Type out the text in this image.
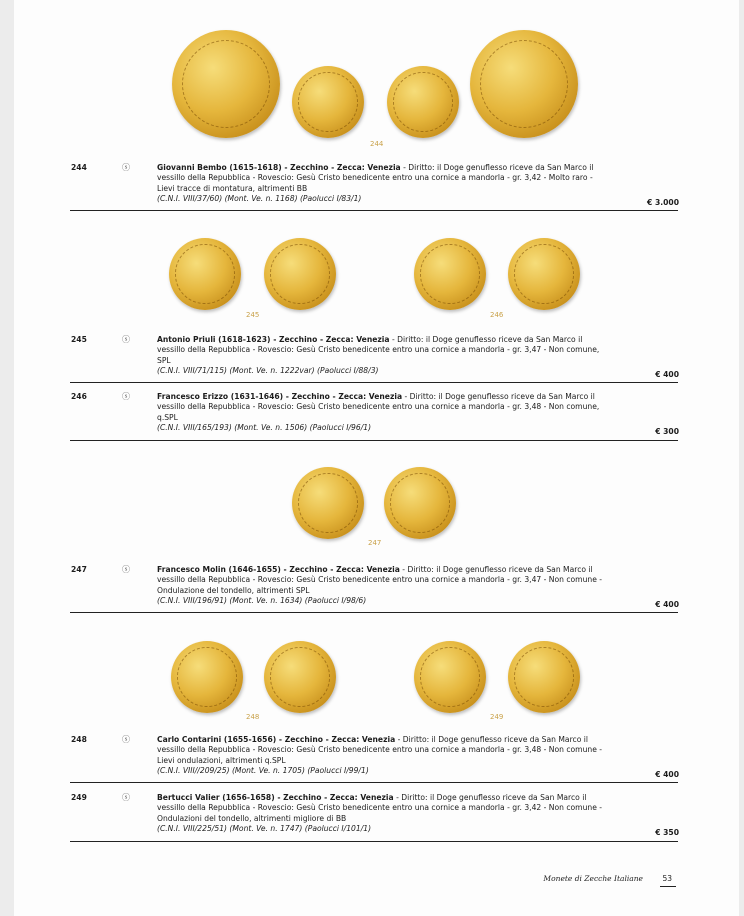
244
244	ⓢ	Giovanni Bembo (1615-1618) - Zecchino - Zecca: Venezia - Diritto: il Doge genuflesso riceve da San Marco il vessillo della Repubblica - Rovescio: Gesù Cristo benedicente entro una cornice a mandorla - gr. 3,42 - Molto raro - Lievi tracce di montatura, altrimenti BB
(C.N.I. VIII/37/60) (Mont. Ve. n. 1168) (Paolucci I/83/1)	€ 3.000
245	246
245	ⓢ	Antonio Priuli (1618-1623) - Zecchino - Zecca: Venezia - Diritto: il Doge genuflesso riceve da San Marco il vessillo della Repubblica - Rovescio: Gesù Cristo benedicente entro una cornice a mandorla - gr. 3,47 - Non comune, SPL
(C.N.I. VIII/71/115) (Mont. Ve. n. 1222var) (Paolucci I/88/3)	€ 400
246	ⓢ	Francesco Erizzo (1631-1646) - Zecchino - Zecca: Venezia - Diritto: il Doge genuflesso riceve da San Marco il vessillo della Repubblica - Rovescio: Gesù Cristo benedicente entro una cornice a mandorla - gr. 3,48 - Non comune, q.SPL
(C.N.I. VIII/165/193) (Mont. Ve. n. 1506) (Paolucci I/96/1)	€ 300
247
247	ⓢ	Francesco Molin (1646-1655) - Zecchino - Zecca: Venezia - Diritto: il Doge genuflesso riceve da San Marco il vessillo della Repubblica - Rovescio: Gesù Cristo benedicente entro una cornice a mandorla - gr. 3,47 - Non comune - Ondulazione del tondello, altrimenti SPL
(C.N.I. VIII/196/91) (Mont. Ve. n. 1634) (Paolucci I/98/6)	€ 400
248	249
248	ⓢ	Carlo Contarini (1655-1656) - Zecchino - Zecca: Venezia - Diritto: il Doge genuflesso riceve da San Marco il vessillo della Repubblica - Rovescio: Gesù Cristo benedicente entro una cornice a mandorla - gr. 3,48 - Non comune - Lievi ondulazioni, altrimenti q.SPL
(C.N.I. VIII//209/25) (Mont. Ve. n. 1705) (Paolucci I/99/1)	€ 400
249	ⓢ	Bertucci Valier (1656-1658) - Zecchino - Zecca: Venezia - Diritto: il Doge genuflesso riceve da San Marco il vessillo della Repubblica - Rovescio: Gesù Cristo benedicente entro una cornice a mandorla - gr. 3,42 - Non comune - Ondulazioni del tondello, altrimenti migliore di BB
(C.N.I. VIII/225/51) (Mont. Ve. n. 1747) (Paolucci I/101/1)	€ 350
Monete di Zecche Italiane	53
